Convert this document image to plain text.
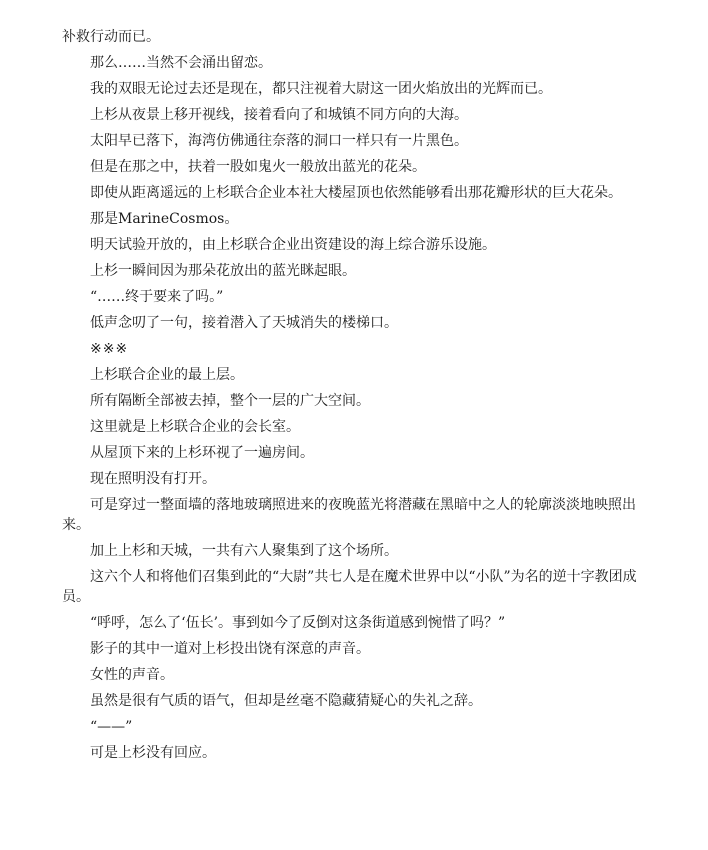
补救行动而已。

那么……当然不会涌出留恋。

我的双眼无论过去还是现在，都只注视着大尉这一团火焰放出的光辉而已。

上杉从夜景上移开视线，接着看向了和城镇不同方向的大海。

太阳早已落下，海湾仿佛通往奈落的洞口一样只有一片黑色。

但是在那之中，扶着一股如鬼火一般放出蓝光的花朵。

即使从距离遥远的上杉联合企业本社大楼屋顶也依然能够看出那花瓣形状的巨大花朵。

那是MarineCosmos。

明天试验开放的，由上杉联合企业出资建设的海上综合游乐设施。

上杉一瞬间因为那朵花放出的蓝光眯起眼。

“……终于要来了吗。”

低声念叨了一句，接着潜入了天城消失的楼梯口。

※※※

上杉联合企业的最上层。

所有隔断全部被去掉，整个一层的广大空间。

这里就是上杉联合企业的会长室。

从屋顶下来的上杉环视了一遍房间。

现在照明没有打开。

可是穿过一整面墙的落地玻璃照进来的夜晚蓝光将潜藏在黑暗中之人的轮廓淡淡地映照出来。

加上上杉和天城，一共有六人聚集到了这个场所。

这六个人和将他们召集到此的“大尉”共七人是在魔术世界中以“小队”为名的逆十字教团成员。

“呼呼，怎么了‘伍长’。事到如今了反倒对这条街道感到惋惜了吗？”

影子的其中一道对上杉投出饶有深意的声音。

女性的声音。

虽然是很有气质的语气，但却是丝毫不隐藏猜疑心的失礼之辞。

“——”

可是上杉没有回应。
